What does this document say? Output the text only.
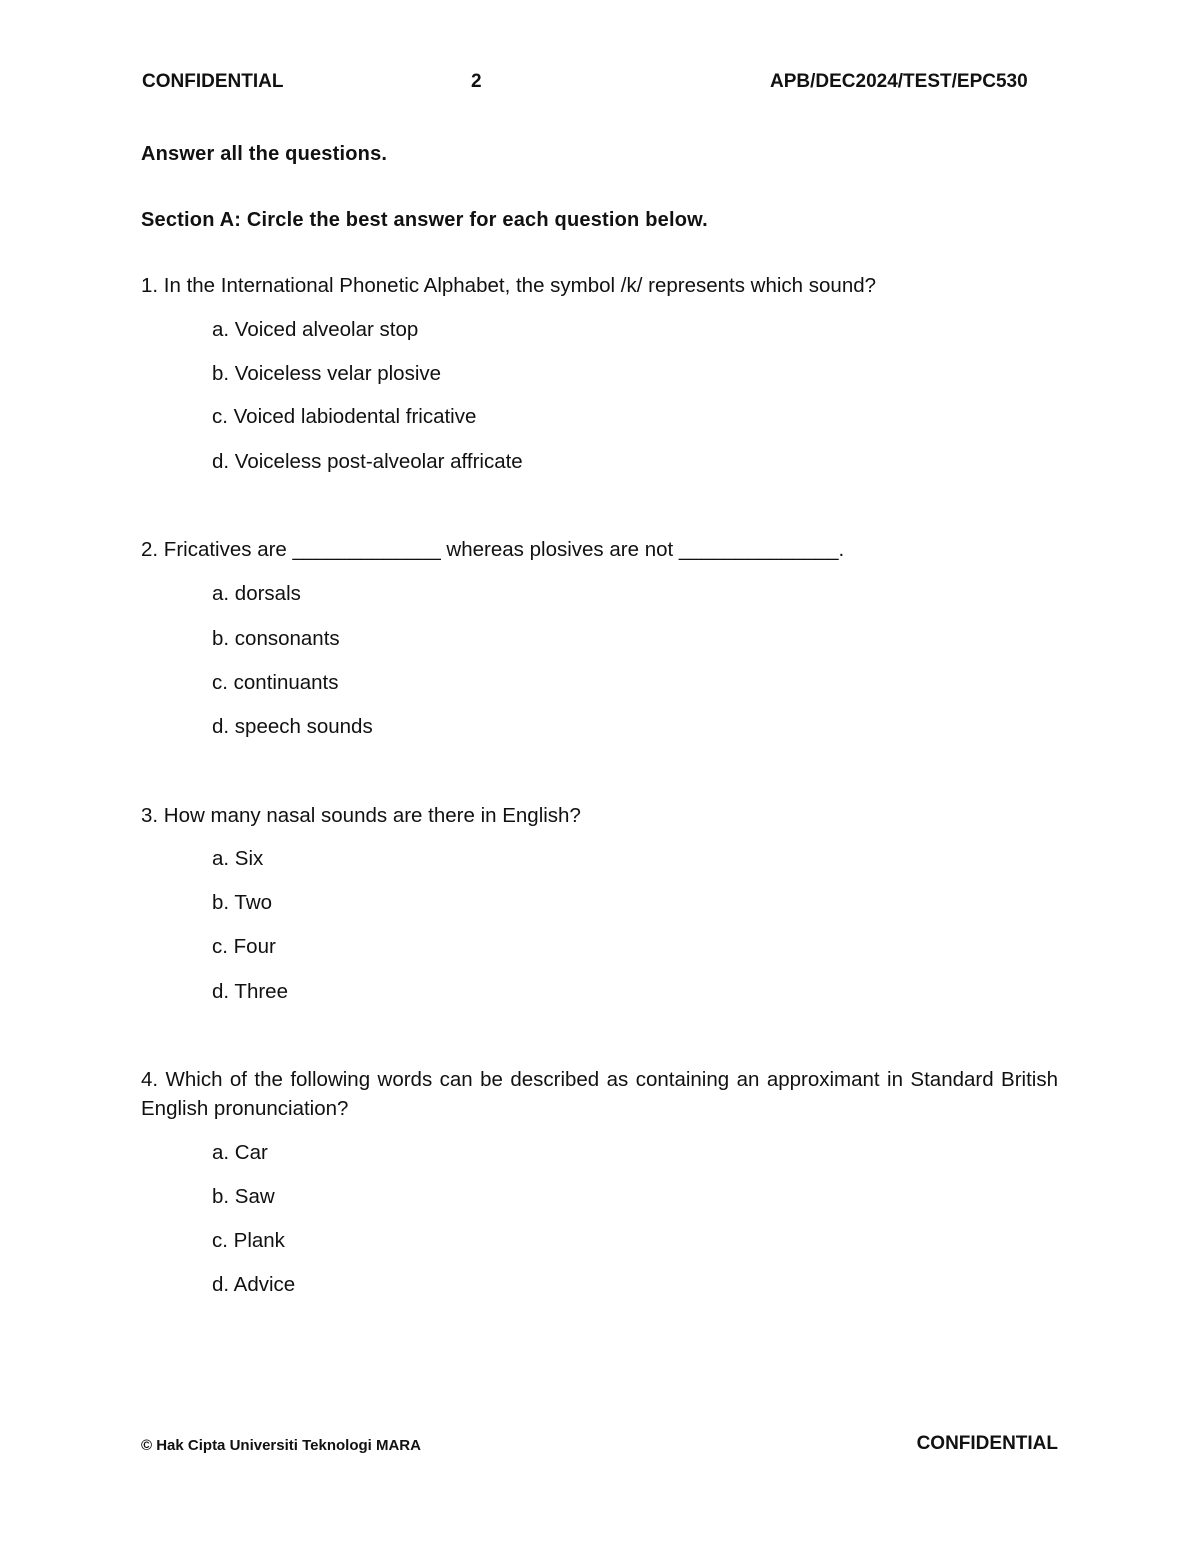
CONFIDENTIAL	2	APB/DEC2024/TEST/EPC530
Answer all the questions.
Section A: Circle the best answer for each question below.
1. In the International Phonetic Alphabet, the symbol /k/ represents which sound?
a. Voiced alveolar stop
b. Voiceless velar plosive
c. Voiced labiodental fricative
d. Voiceless post-alveolar affricate
2. Fricatives are _____________ whereas plosives are not ______________.
a. dorsals
b. consonants
c. continuants
d. speech sounds
3. How many nasal sounds are there in English?
a. Six
b. Two
c. Four
d. Three
4. Which of the following words can be described as containing an approximant in Standard British English pronunciation?
a. Car
b. Saw
c. Plank
d. Advice
© Hak Cipta Universiti Teknologi MARA	CONFIDENTIAL
